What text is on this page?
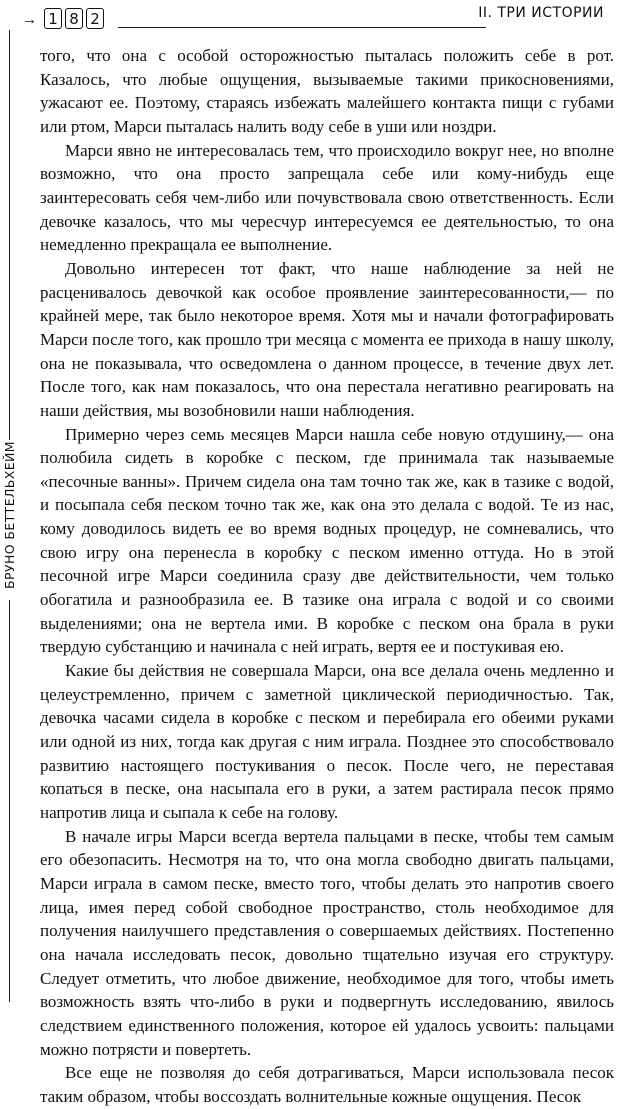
→ 1 8 2	II. ТРИ ИСТОРИИ
БРУНО БЕТТЕЛЬХЕЙМ

того, что она с особой осторожностью пыталась положить себе в рот. Казалось, что любые ощущения, вызываемые такими прикосновениями, ужасают ее. Поэтому, стараясь избежать малейшего контакта пищи с губами или ртом, Марси пыталась налить воду себе в уши или ноздри.

Марси явно не интересовалась тем, что происходило вокруг нее, но вполне возможно, что она просто запрещала себе или кому-нибудь еще заинтересовать себя чем-либо или почувствовала свою ответственность. Если девочке казалось, что мы чересчур интересуемся ее деятельностью, то она немедленно прекращала ее выполнение.

Довольно интересен тот факт, что наше наблюдение за ней не расценивалось девочкой как особое проявление заинтересованности,— по крайней мере, так было некоторое время. Хотя мы и начали фотографировать Марси после того, как прошло три месяца с момента ее прихода в нашу школу, она не показывала, что осведомлена о данном процессе, в течение двух лет. После того, как нам показалось, что она перестала негативно реагировать на наши действия, мы возобновили наши наблюдения.

Примерно через семь месяцев Марси нашла себе новую отдушину,— она полюбила сидеть в коробке с песком, где принимала так называемые «песочные ванны». Причем сидела она там точно так же, как в тазике с водой, и посыпала себя песком точно так же, как она это делала с водой. Те из нас, кому доводилось видеть ее во время водных процедур, не сомневались, что свою игру она перенесла в коробку с песком именно оттуда. Но в этой песочной игре Марси соединила сразу две действительности, чем только обогатила и разнообразила ее. В тазике она играла с водой и со своими выделениями; она не вертела ими. В коробке с песком она брала в руки твердую субстанцию и начинала с ней играть, вертя ее и постукивая ею.

Какие бы действия не совершала Марси, она все делала очень медленно и целеустремленно, причем с заметной циклической периодичностью. Так, девочка часами сидела в коробке с песком и перебирала его обеими руками или одной из них, тогда как другая с ним играла. Позднее это способствовало развитию настоящего постукивания о песок. После чего, не переставая копаться в песке, она насыпала его в руки, а затем растирала песок прямо напротив лица и сыпала к себе на голову.

В начале игры Марси всегда вертела пальцами в песке, чтобы тем самым его обезопасить. Несмотря на то, что она могла свободно двигать пальцами, Марси играла в самом песке, вместо того, чтобы делать это напротив своего лица, имея перед собой свободное пространство, столь необходимое для получения наилучшего представления о совершаемых действиях. Постепенно она начала исследовать песок, довольно тщательно изучая его структуру. Следует отметить, что любое движение, необходимое для того, чтобы иметь возможность взять что-либо в руки и подвергнуть исследованию, явилось следствием единственного положения, которое ей удалось усвоить: пальцами можно потрясти и повертеть.

Все еще не позволяя до себя дотрагиваться, Марси использовала песок таким образом, чтобы воссоздать волнительные кожные ощущения. Песок
